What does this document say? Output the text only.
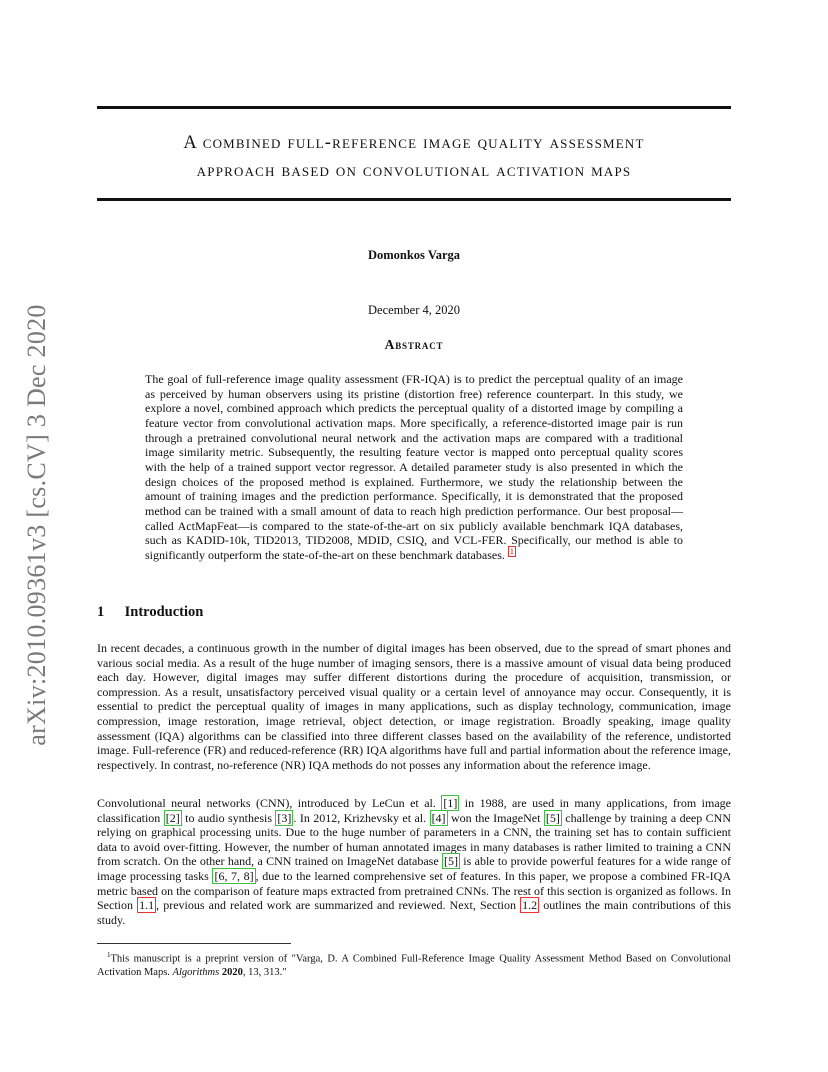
arXiv:2010.09361v3 [cs.CV] 3 Dec 2020
A combined full-reference image quality assessment
approach based on convolutional activation maps
Domonkos Varga
December 4, 2020
Abstract
The goal of full-reference image quality assessment (FR-IQA) is to predict the perceptual quality of an image as perceived by human observers using its pristine (distortion free) reference counterpart. In this study, we explore a novel, combined approach which predicts the perceptual quality of a distorted image by compiling a feature vector from convolutional activation maps. More specifically, a reference-distorted image pair is run through a pretrained convolutional neural network and the activation maps are compared with a traditional image similarity metric. Subsequently, the resulting feature vector is mapped onto perceptual quality scores with the help of a trained support vector regressor. A detailed parameter study is also presented in which the design choices of the proposed method is explained. Furthermore, we study the relationship between the amount of training images and the prediction performance. Specifically, it is demonstrated that the proposed method can be trained with a small amount of data to reach high prediction performance. Our best proposal—called ActMapFeat—is compared to the state-of-the-art on six publicly available benchmark IQA databases, such as KADID-10k, TID2013, TID2008, MDID, CSIQ, and VCL-FER. Specifically, our method is able to significantly outperform the state-of-the-art on these benchmark databases. $^1$
1 Introduction
In recent decades, a continuous growth in the number of digital images has been observed, due to the spread of smart phones and various social media. As a result of the huge number of imaging sensors, there is a massive amount of visual data being produced each day. However, digital images may suffer different distortions during the procedure of acquisition, transmission, or compression. As a result, unsatisfactory perceived visual quality or a certain level of annoyance may occur. Consequently, it is essential to predict the perceptual quality of images in many applications, such as display technology, communication, image compression, image restoration, image retrieval, object detection, or image registration. Broadly speaking, image quality assessment (IQA) algorithms can be classified into three different classes based on the availability of the reference, undistorted image. Full-reference (FR) and reduced-reference (RR) IQA algorithms have full and partial information about the reference image, respectively. In contrast, no-reference (NR) IQA methods do not posses any information about the reference image.
Convolutional neural networks (CNN), introduced by LeCun et al. [1] in 1988, are used in many applications, from image classification [2] to audio synthesis [3] . In 2012, Krizhevsky et al. [4] won the ImageNet [5] challenge by training a deep CNN relying on graphical processing units. Due to the huge number of parameters in a CNN, the training set has to contain sufficient data to avoid over-fitting. However, the number of human annotated images in many databases is rather limited to training a CNN from scratch. On the other hand, a CNN trained on ImageNet database [5] is able to provide powerful features for a wide range of image processing tasks [6, 7, 8] , due to the learned comprehensive set of features. In this paper, we propose a combined FR-IQA metric based on the comparison of feature maps extracted from pretrained CNNs. The rest of this section is organized as follows. In Section 1.1 , previous and related work are summarized and reviewed. Next, Section 1.2 outlines the main contributions of this study.
$^1$This manuscript is a preprint version of "Varga, D. A Combined Full-Reference Image Quality Assessment Method Based on Convolutional Activation Maps. Algorithms 2020, 13, 313."
